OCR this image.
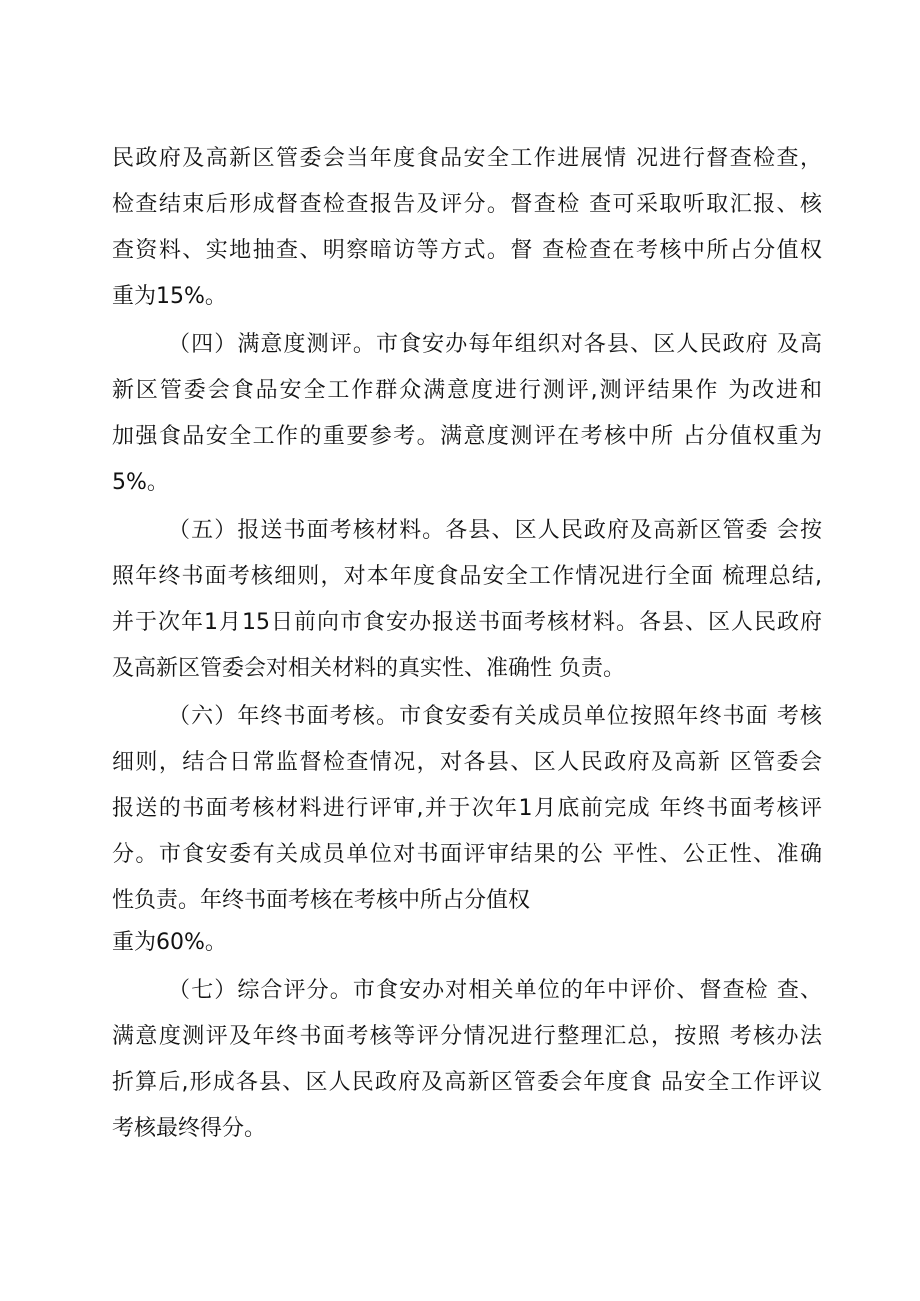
民政府及高新区管委会当年度食品安全工作进展情 况进行督查检查，
检查结束后形成督查检查报告及评分。督查检 查可采取听取汇报、核
查资料、实地抽查、明察暗访等方式。督 查检查在考核中所占分值权
重为15%。
（四）满意度测评。市食安办每年组织对各县、区人民政府 及高
新区管委会食品安全工作群众满意度进行测评,测评结果作 为改进和
加强食品安全工作的重要参考。满意度测评在考核中所 占分值权重为
5%。
（五）报送书面考核材料。各县、区人民政府及高新区管委 会按
照年终书面考核细则，对本年度食品安全工作情况进行全面 梳理总结,
并于次年1月15日前向市食安办报送书面考核材料。各县、区人民政府
及高新区管委会对相关材料的真实性、准确性 负责。
（六）年终书面考核。市食安委有关成员单位按照年终书面 考核
细则，结合日常监督检查情况，对各县、区人民政府及高新 区管委会
报送的书面考核材料进行评审,并于次年1月底前完成 年终书面考核评
分。市食安委有关成员单位对书面评审结果的公 平性、公正性、准确
性负责。年终书面考核在考核中所占分值权
重为60%。
（七）综合评分。市食安办对相关单位的年中评价、督查检 查、
满意度测评及年终书面考核等评分情况进行整理汇总，按照 考核办法
折算后,形成各县、区人民政府及高新区管委会年度食 品安全工作评议
考核最终得分。
